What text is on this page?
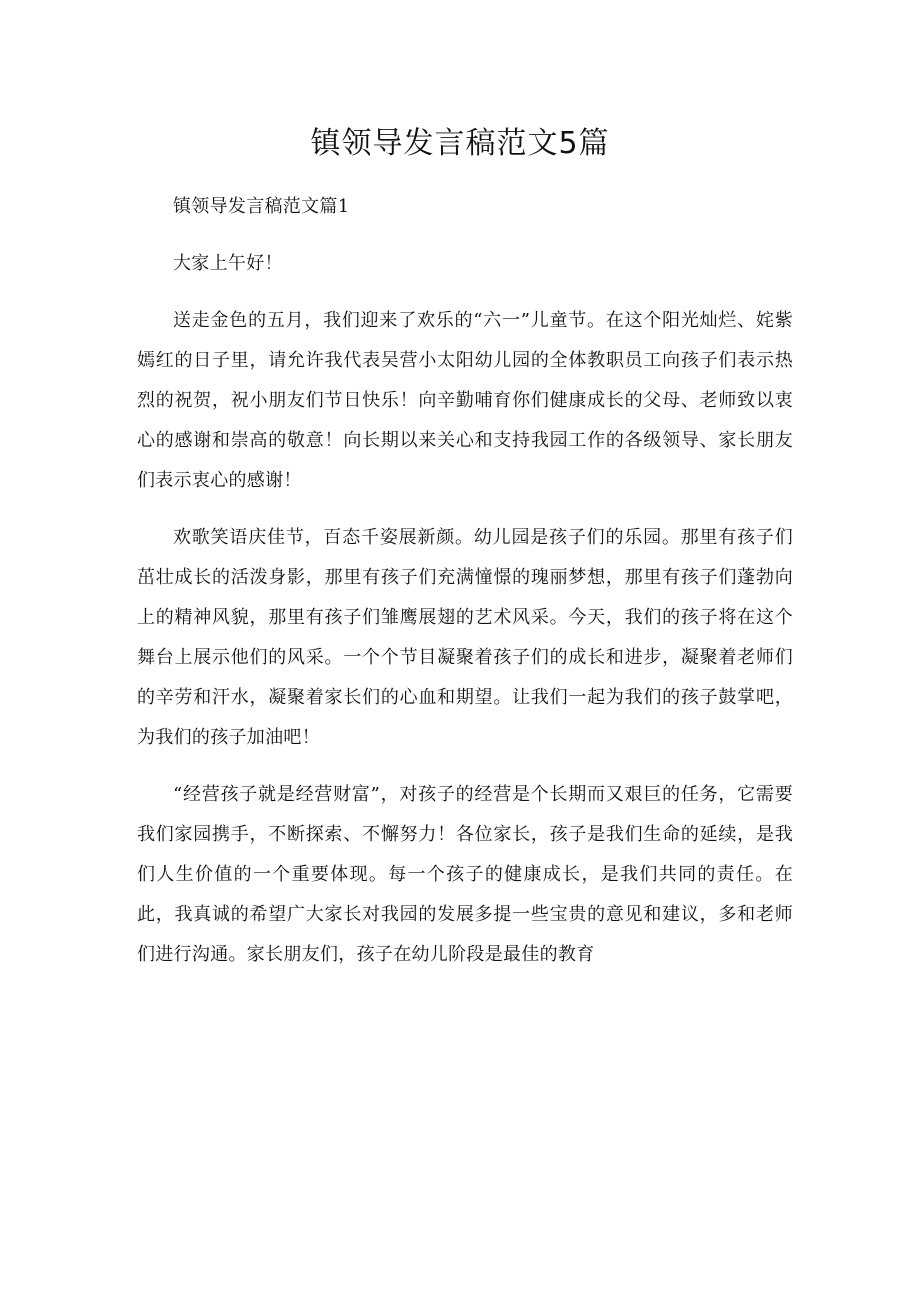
镇领导发言稿范文5篇

镇领导发言稿范文篇1

大家上午好！

送走金色的五月，我们迎来了欢乐的“六一”儿童节。在这个阳光灿烂、姹紫嫣红的日子里，请允许我代表吴营小太阳幼儿园的全体教职员工向孩子们表示热烈的祝贺，祝小朋友们节日快乐！向辛勤哺育你们健康成长的父母、老师致以衷心的感谢和崇高的敬意！向长期以来关心和支持我园工作的各级领导、家长朋友们表示衷心的感谢！

欢歌笑语庆佳节，百态千姿展新颜。幼儿园是孩子们的乐园。那里有孩子们茁壮成长的活泼身影，那里有孩子们充满憧憬的瑰丽梦想，那里有孩子们蓬勃向上的精神风貌，那里有孩子们雏鹰展翅的艺术风采。今天，我们的孩子将在这个舞台上展示他们的风采。一个个节目凝聚着孩子们的成长和进步，凝聚着老师们的辛劳和汗水，凝聚着家长们的心血和期望。让我们一起为我们的孩子鼓掌吧，为我们的孩子加油吧！

“经营孩子就是经营财富”，对孩子的经营是个长期而又艰巨的任务，它需要我们家园携手，不断探索、不懈努力！各位家长，孩子是我们生命的延续，是我们人生价值的一个重要体现。每一个孩子的健康成长，是我们共同的责任。在此，我真诚的希望广大家长对我园的发展多提一些宝贵的意见和建议，多和老师们进行沟通。家长朋友们，孩子在幼儿阶段是最佳的教育
